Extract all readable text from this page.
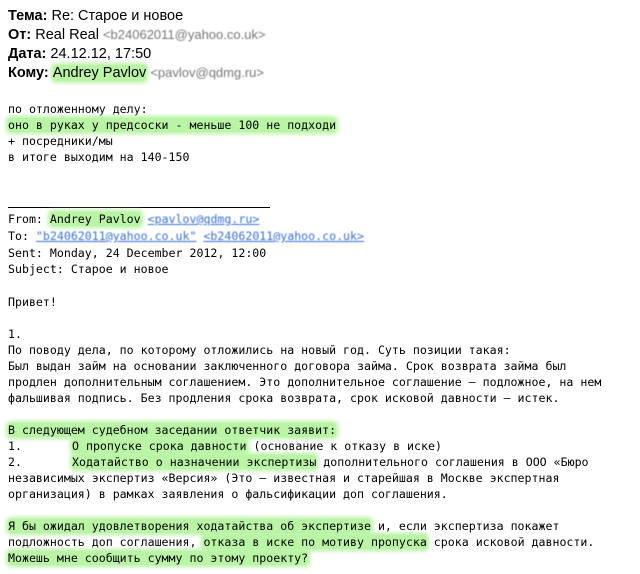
Тема: Re: Старое и новое
От: Real Real <b24062011@yahoo.co.uk>
Дата: 24.12.12, 17:50
Кому: Andrey Pavlov <pavlov@qdmg.ru>
по отложенному делу:
оно в руках у предсоски - меньше 100 не подходи
+ посредники/мы
в итоге выходим на 140-150
From: Andrey Pavlov <pavlov@qdmg.ru>
To: "b24062011@yahoo.co.uk" <b24062011@yahoo.co.uk>
Sent: Monday, 24 December 2012, 12:00
Subject: Старое и новое
Привет!
1.
По поводу дела, по которому отложились на новый год. Суть позиции такая:
Был выдан займ на основании заключенного договора займа. Срок возврата займа был
продлен дополнительным соглашением. Это дополнительное соглашение – подложное, на нем
фальшивая подпись. Без продления срока возврата, срок исковой давности – истек.
В следующем судебном заседании ответчик заявит:
1.	О пропуске срока давности (основание к отказу в иске)
2.	Ходатайство о назначении экспертизы дополнительного соглашения в ООО «Бюро
независимых экспертиз «Версия» (Это – известная и старейшая в Москве экспертная
организация) в рамках заявления о фальсификации доп соглашения.
Я бы ожидал удовлетворения ходатайства об экспертизе и, если экспертиза покажет
подложность доп соглашения, отказа в иске по мотиву пропуска срока исковой давности.
Можешь мне сообщить сумму по этому проекту?
